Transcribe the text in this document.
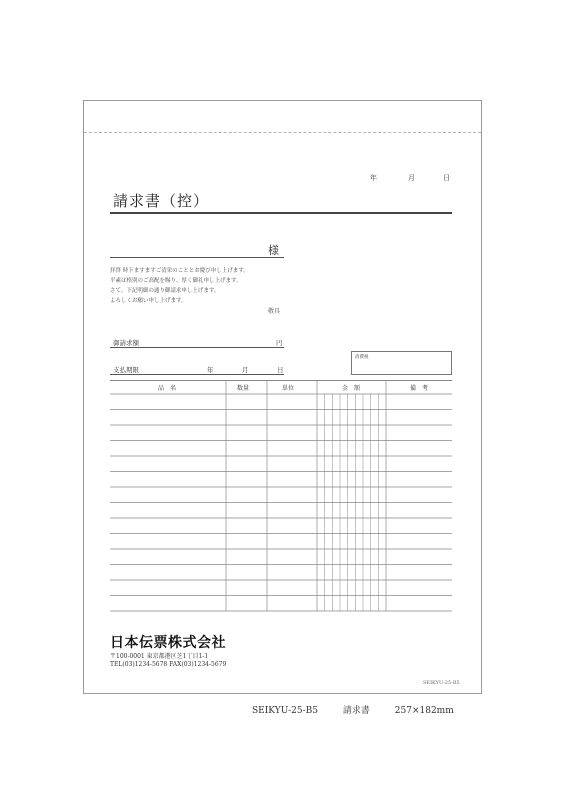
年	月	日
請求書（控）
様
拝啓 時下ますますご清栄のこととお慶び申し上げます。
平素は格別のご高配を賜り、厚く御礼申し上げます。
さて、下記明細の通り御請求申し上げます。
よろしくお願い申し上げます。
敬具
御請求額	円
支払期限	年	月	日
消費税
品　名	数量	単位	金　額	備　考
日本伝票株式会社
〒100-0001 東京都港区芝1丁目1-1
TEL(03)1234-5678 FAX(03)1234-5679
SEIKYU-25-B5
SEIKYU-25-B5	請求書	257×182mm
